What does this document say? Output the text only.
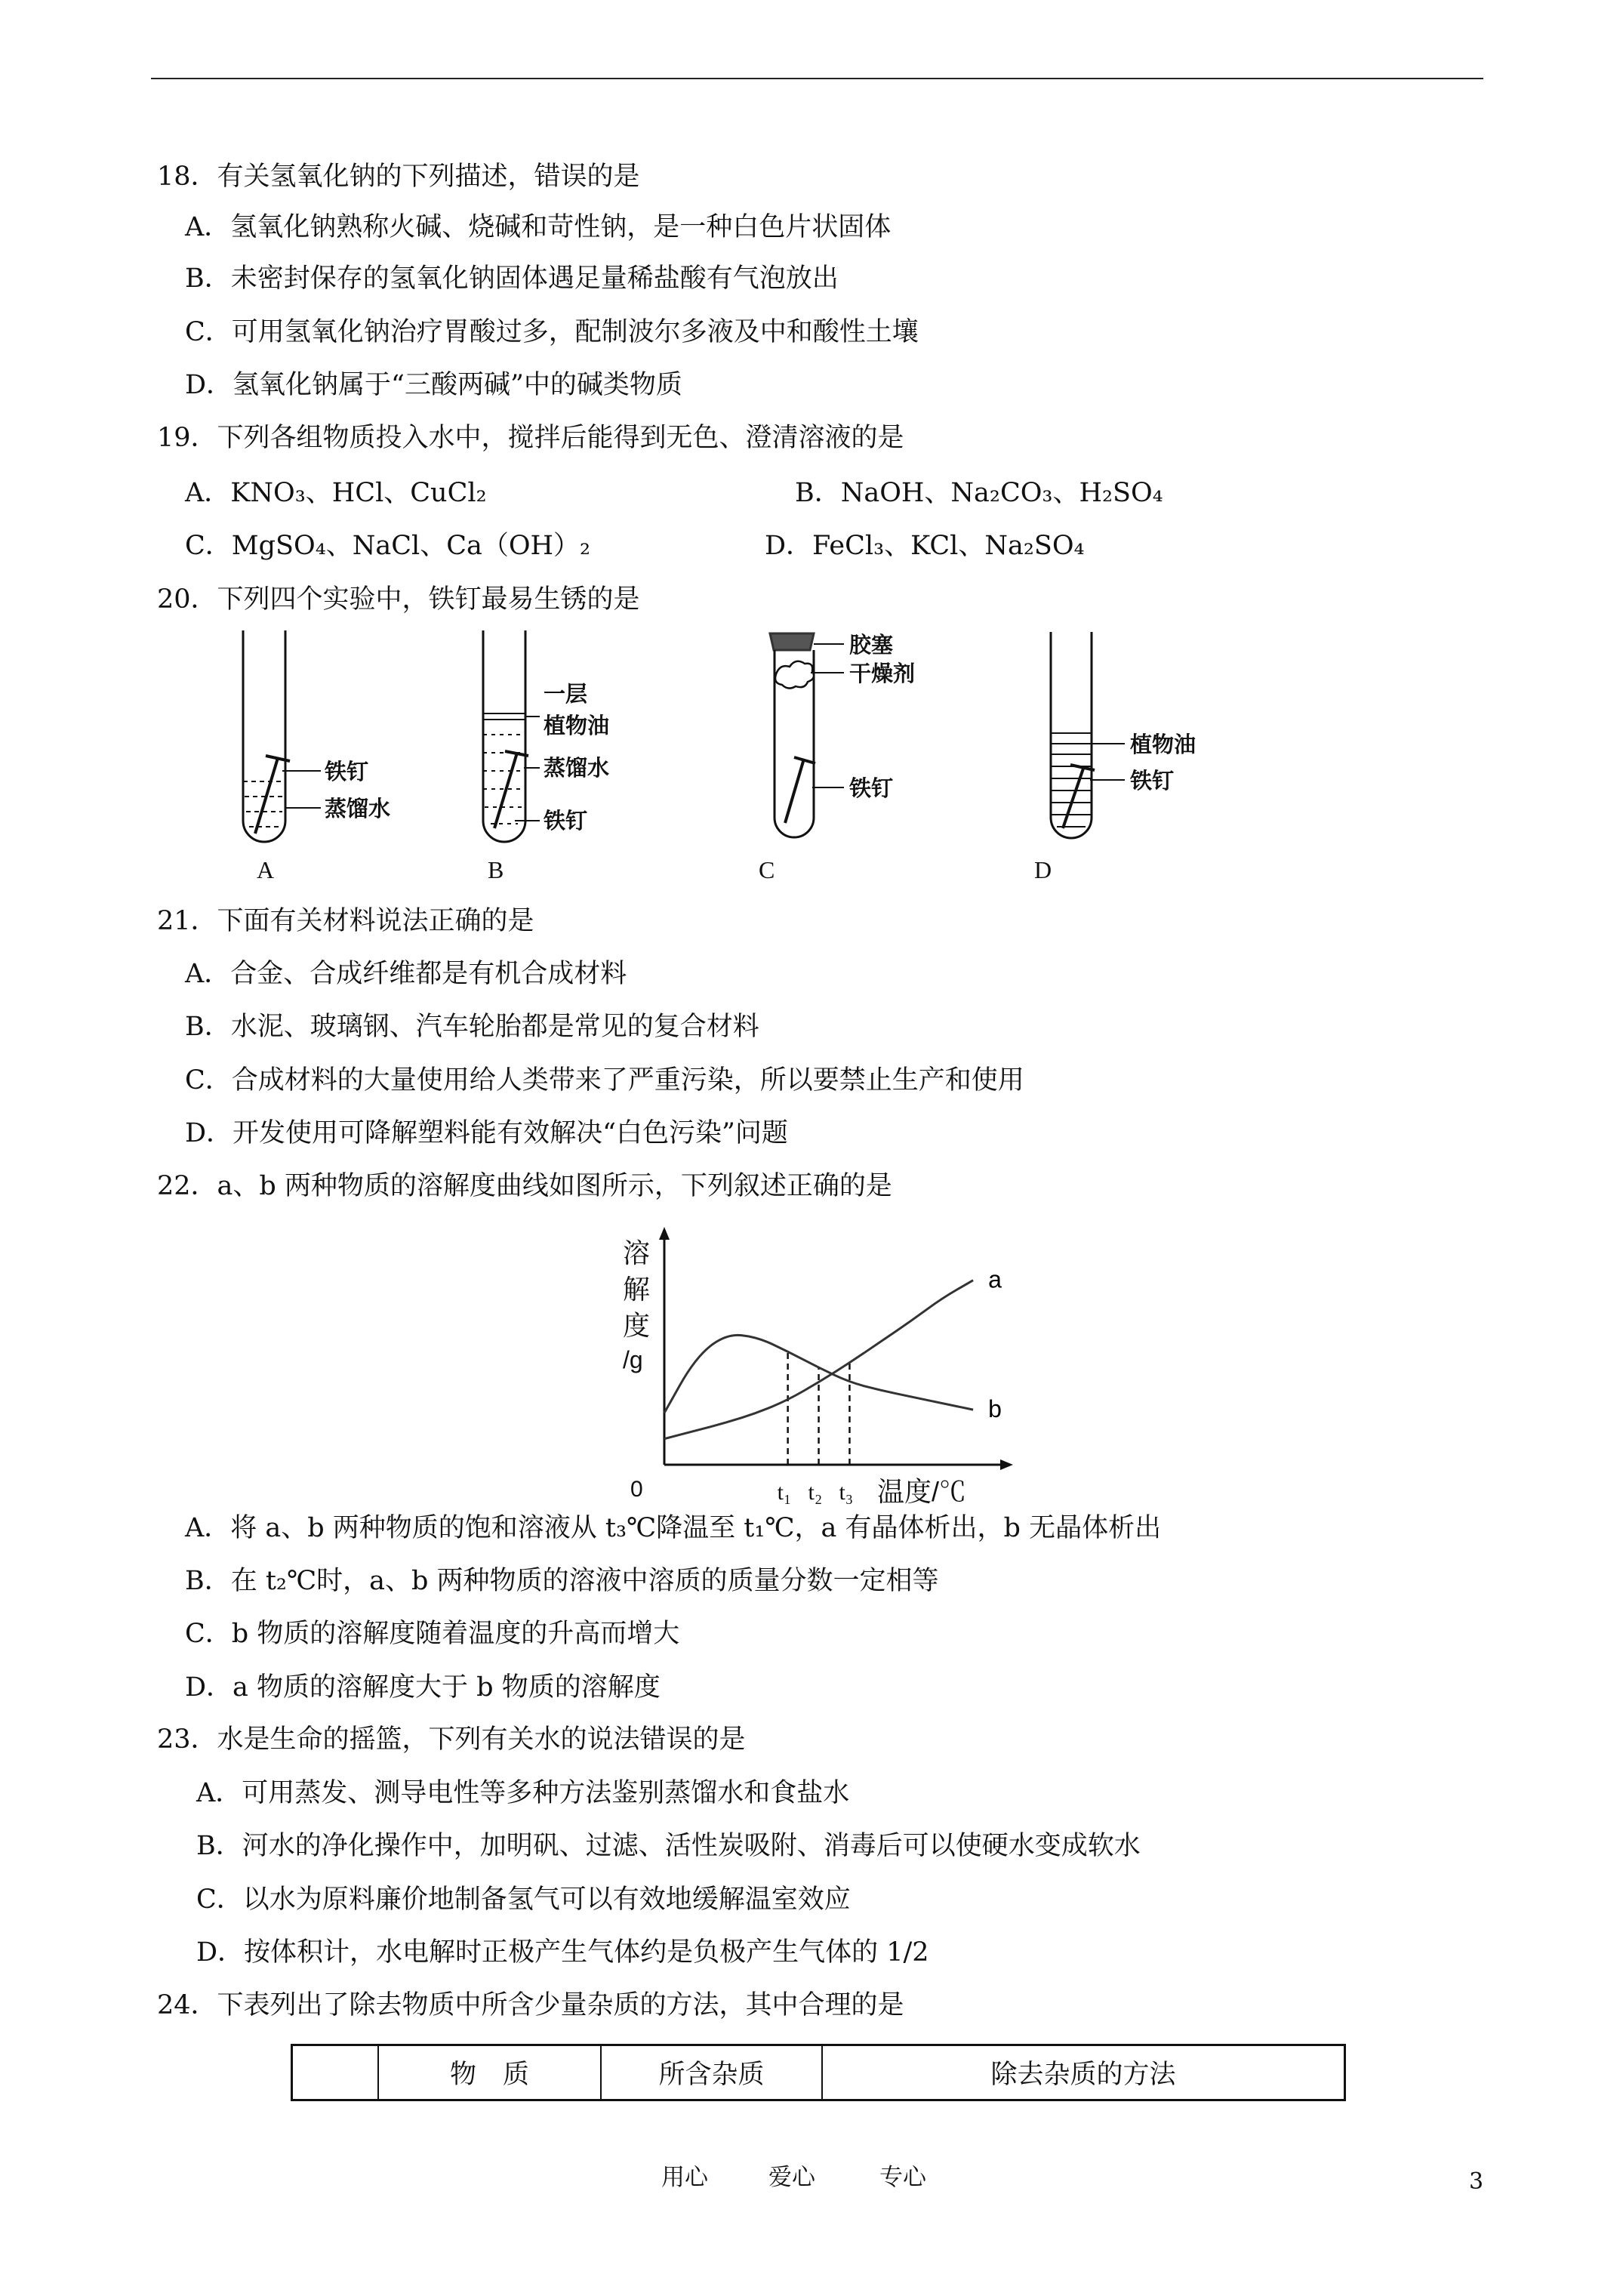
18．有关氢氧化钠的下列描述，错误的是
A．氢氧化钠熟称火碱、烧碱和苛性钠，是一种白色片状固体
B．未密封保存的氢氧化钠固体遇足量稀盐酸有气泡放出
C．可用氢氧化钠治疗胃酸过多，配制波尔多液及中和酸性土壤
D．氢氧化钠属于“三酸两碱”中的碱类物质
19．下列各组物质投入水中，搅拌后能得到无色、澄清溶液的是
A．KNO₃、HCl、CuCl₂	B．NaOH、Na₂CO₃、H₂SO₄
C．MgSO₄、NaCl、Ca（OH）₂	D．FeCl₃、KCl、Na₂SO₄
20．下列四个实验中，铁钉最易生锈的是
铁钉
蒸馏水
一层
植物油
蒸馏水
铁钉
胶塞
干燥剂
铁钉
植物油
铁钉
A	B	C	D
21．下面有关材料说法正确的是
A．合金、合成纤维都是有机合成材料
B．水泥、玻璃钢、汽车轮胎都是常见的复合材料
C．合成材料的大量使用给人类带来了严重污染，所以要禁止生产和使用
D．开发使用可降解塑料能有效解决“白色污染”问题
22．a、b 两种物质的溶解度曲线如图所示，下列叙述正确的是
a
b
溶
解
度
/g
0	温度/℃
t₁ t₂ t₃
A．将 a、b 两种物质的饱和溶液从 t₃℃降温至 t₁℃，a 有晶体析出，b 无晶体析出
B．在 t₂℃时，a、b 两种物质的溶液中溶质的质量分数一定相等
C．b 物质的溶解度随着温度的升高而增大
D．a 物质的溶解度大于 b 物质的溶解度
23．水是生命的摇篮，下列有关水的说法错误的是
A．可用蒸发、测导电性等多种方法鉴别蒸馏水和食盐水
B．河水的净化操作中，加明矾、过滤、活性炭吸附、消毒后可以使硬水变成软水
C．以水为原料廉价地制备氢气可以有效地缓解温室效应
D．按体积计，水电解时正极产生气体约是负极产生气体的 1/2
24．下表列出了除去物质中所含少量杂质的方法，其中合理的是
物　质	所含杂质	除去杂质的方法
用心	爱心	专心	3
